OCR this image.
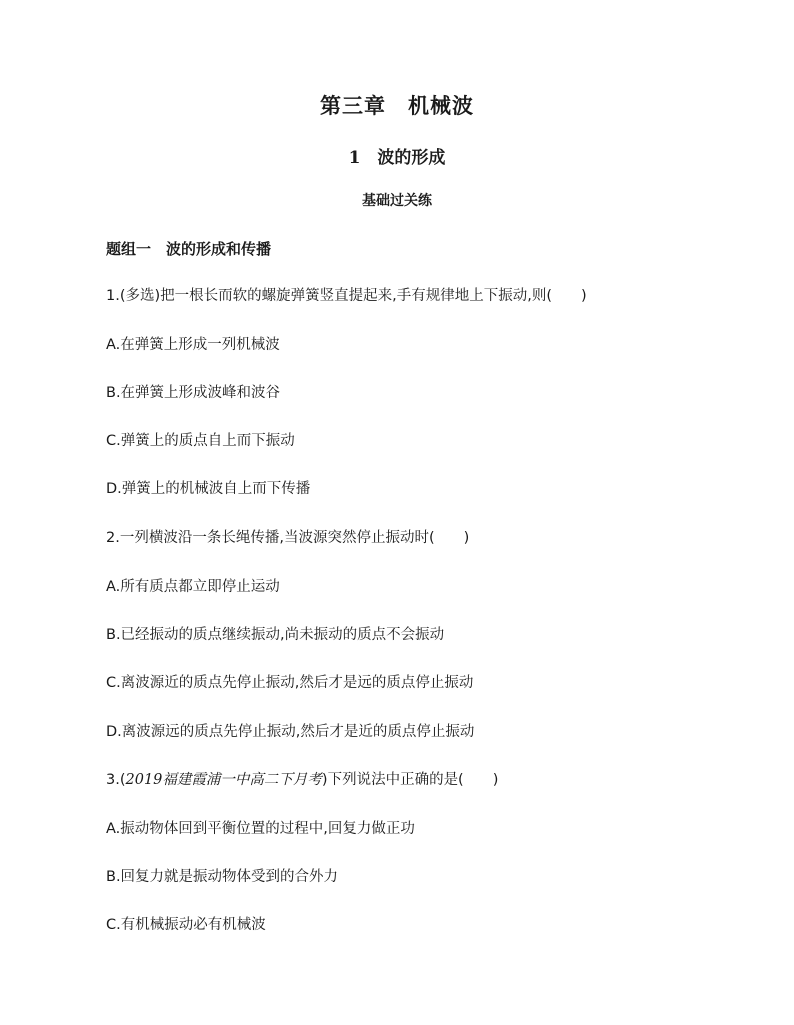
第三章　机械波
1　波的形成
基础过关练
题组一　波的形成和传播
1.(多选)把一根长而软的螺旋弹簧竖直提起来,手有规律地上下振动,则(　　)
A.在弹簧上形成一列机械波
B.在弹簧上形成波峰和波谷
C.弹簧上的质点自上而下振动
D.弹簧上的机械波自上而下传播
2.一列横波沿一条长绳传播,当波源突然停止振动时(　　)
A.所有质点都立即停止运动
B.已经振动的质点继续振动,尚未振动的质点不会振动
C.离波源近的质点先停止振动,然后才是远的质点停止振动
D.离波源远的质点先停止振动,然后才是近的质点停止振动
3.(2019福建霞浦一中高二下月考)下列说法中正确的是(　　)
A.振动物体回到平衡位置的过程中,回复力做正功
B.回复力就是振动物体受到的合外力
C.有机械振动必有机械波
